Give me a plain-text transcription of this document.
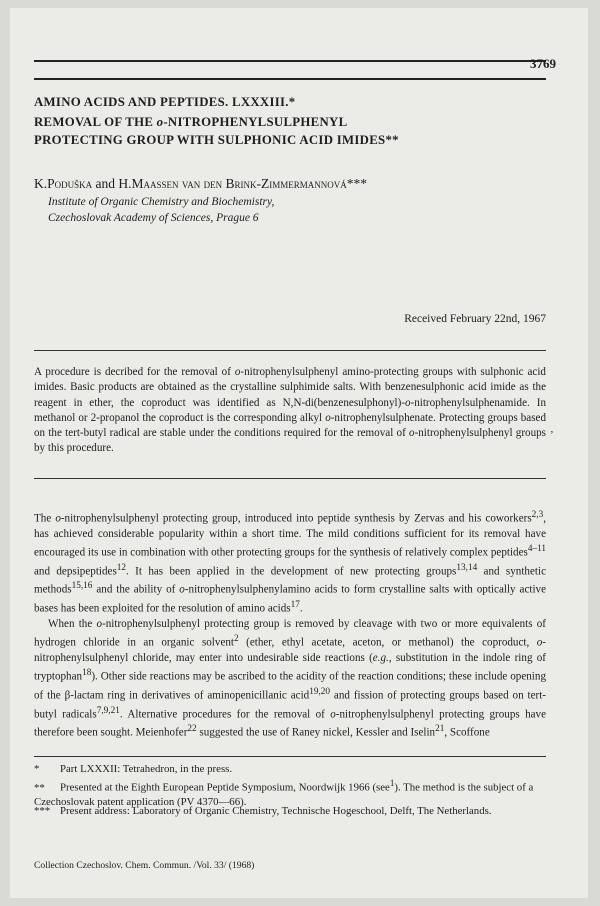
3769
AMINO ACIDS AND PEPTIDES. LXXXIII.*
REMOVAL OF THE o-NITROPHENYLSULPHENYL
PROTECTING GROUP WITH SULPHONIC ACID IMIDES**
K.Poduška and H.Maassen van den Brink-Zimmermannová***
Institute of Organic Chemistry and Biochemistry,
Czechoslovak Academy of Sciences, Prague 6
Received February 22nd, 1967
’
A procedure is decribed for the removal of o-nitrophenylsulphenyl amino-protecting groups with sulphonic acid imides. Basic products are obtained as the crystalline sulphimide salts. With benzenesulphonic acid imide as the reagent in ether, the coproduct was identified as N,N-di(benzenesulphonyl)-o-nitrophenylsulphenamide. In methanol or 2-propanol the coproduct is the corresponding alkyl o-nitrophenylsulphenate. Protecting groups based on the tert-butyl radical are stable under the conditions required for the removal of o-nitrophenylsulphenyl groups by this procedure.

The o-nitrophenylsulphenyl protecting group, introduced into peptide synthesis by Zervas and his coworkers$^{2,3}$, has achieved considerable popularity within a short time. The mild conditions sufficient for its removal have encouraged its use in combination with other protecting groups for the synthesis of relatively complex peptides$^{4-11}$ and depsipeptides$^{12}$. It has been applied in the development of new protecting groups$^{13,14}$ and synthetic methods$^{15,16}$ and the ability of o-nitrophenylsulphenylamino acids to form crystalline salts with optically active bases has been exploited for the resolution of amino acids$^{17}$.

When the o-nitrophenylsulphenyl protecting group is removed by cleavage with two or more equivalents of hydrogen chloride in an organic solvent$^2$ (ether, ethyl acetate, aceton, or methanol) the coproduct, o-nitrophenylsulphenyl chloride, may enter into undesirable side reactions (e.g., substitution in the indole ring of tryptophan$^{18}$). Other side reactions may be ascribed to the acidity of the reaction conditions; these include opening of the β-lactam ring in derivatives of aminopenicillanic acid$^{19,20}$ and fission of protecting groups based on tert-butyl radicals$^{7,9,21}$. Alternative procedures for the removal of o-nitrophenylsulphenyl protecting groups have therefore been sought. Meienhofer$^{22}$ suggested the use of Raney nickel, Kessler and Iselin$^{21}$, Scoffone

* Part LXXXII: Tetrahedron, in the press.
** Presented at the Eighth European Peptide Symposium, Noordwijk 1966 (see$^1$). The method is the subject of a Czechoslovak patent application (PV 4370—66).
*** Present address: Laboratory of Organic Chemistry, Technische Hogeschool, Delft, The Netherlands.
Collection Czechoslov. Chem. Commun. /Vol. 33/ (1968)
